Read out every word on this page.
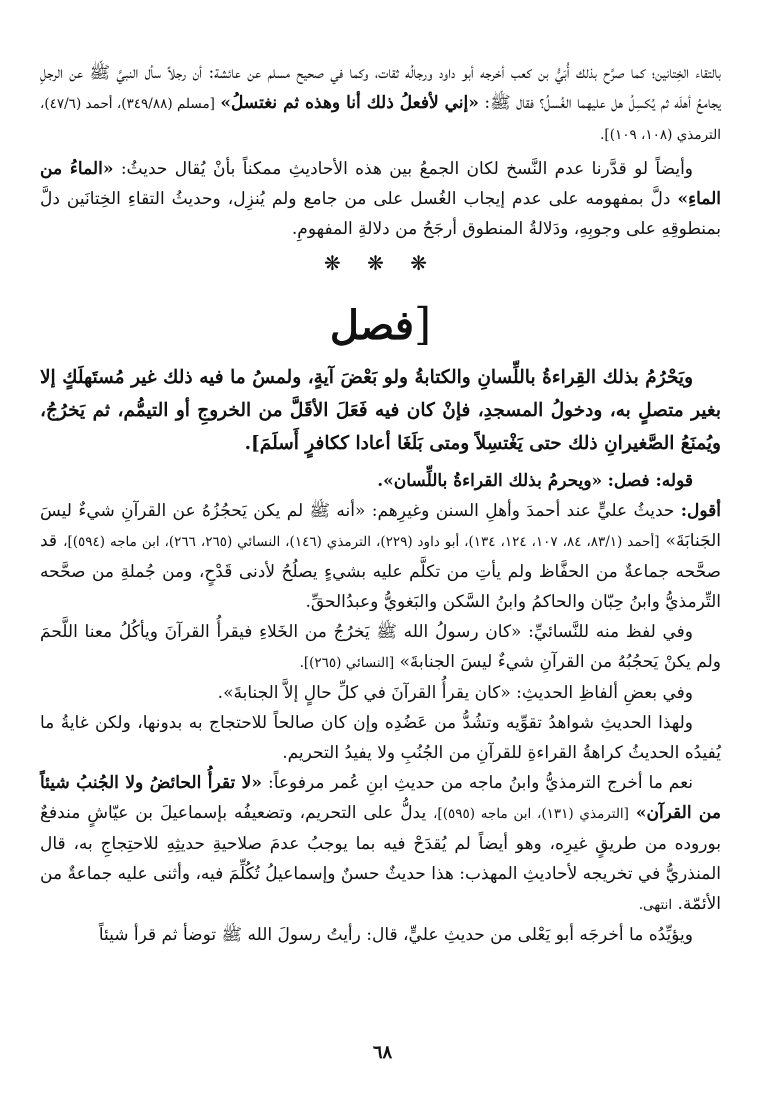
بالتقاء الخِتانين؛ كما صرَّح بذلك أُبَيُّ بن كعب أخرجه أبو داود ورجالُه ثقات، وكما في صحيح مسلم عن عائشة: أن رجلاً سأل النبيَّ ﷺ عن الرجلِ يجامعُ أهلَه ثم يُكسِلُ هل عليهما الغُسلُ؟ فقال ﷺ: «إني لأفعلُ ذلك أنا وهذه ثم نغتسلُ» [مسلم (٣٤٩/٨٨)، أحمد (٤٧/٦)، الترمذي (١٠٨، ١٠٩)].

وأيضاً لو قدَّرنا عدم النَّسخ لكان الجمعُ بين هذه الأحاديثِ ممكناً بأنْ يُقال حديثُ: «الماءُ من الماءِ» دلَّ بمفهومه على عدم إيجاب الغُسل على من جامع ولم يُنزِل، وحديثُ التقاءِ الخِتانَين دلَّ بمنطوقِهِ على وجوبِهِ، ودَلالةُ المنطوق أرجَحُ من دلالةِ المفهومِ.

❋ ❋ ❋
[فصل

ويَحْرُمُ بذلك القِراءةُ باللِّسانِ والكتابةُ ولو بَعْضَ آيةٍ، ولمسُ ما فيه ذلك غير مُستَهلَكٍ إلا بغير متصلٍ به، ودخولُ المسجدِ، فإنْ كان فيه فَعَلَ الأقَلَّ من الخروجِ أو التيمُّم، ثم يَخرُجُ، ويُمنَعُ الصَّغيرانِ ذلك حتى يَغْتسِلاً ومتى بَلَغَا أعادا ككافرٍ أَسلَمَ].

قوله: فصل: «ويحرمُ بذلك القراءةُ باللِّسان».

أقول: حديثُ عليٍّ عند أحمدَ وأهلِ السنن وغيرِهم: «أنه ﷺ لم يكن يَحجُزُهُ عن القرآنِ شيءٌ ليسَ الجَنابَةَ» [أحمد (٨٣/١، ٨٤، ١٠٧، ١٢٤، ١٣٤)، أبو داود (٢٢٩)، الترمذي (١٤٦)، النسائي (٢٦٥، ٢٦٦)، ابن ماجه (٥٩٤)]، قد صحَّحه جماعةٌ من الحفَّاظ ولم يأتِ من تكلَّم عليه بشيءٍ يصلُحُ لأدنى قَدْحٍ، ومن جُملةِ من صحَّحه التِّرمذيُّ وابنُ حِبّان والحاكمُ وابنُ السَّكن والبَغويُّ وعبدُالحقِّ.

وفي لفظ منه للنَّسائيِّ: «كان رسولُ الله ﷺ يَخرُجُ من الخَلاءِ فيقرأُ القرآنَ ويأكُلُ معنا اللَّحمَ ولم يكنْ يَحجُبُهُ من القرآنِ شيءٌ ليسَ الجنابةَ» [النسائي (٢٦٥)].

وفي بعضِ ألفاظِ الحديثِ: «كان يقرأُ القرآنَ في كلِّ حالٍ إلاَّ الجنابةَ».

ولهذا الحديثِ شواهدُ تقوِّيه وتشُدُّ من عَضُدِه وإن كان صالحاً للاحتجاج به بدونها، ولكن غايةُ ما يُفيدُه الحديثُ كراهةُ القراءةِ للقرآنِ من الجُنُبِ ولا يفيدُ التحريم.

نعم ما أخرج الترمذيُّ وابنُ ماجه من حديثِ ابنِ عُمر مرفوعاً: «لا تقرأُ الحائضُ ولا الجُنبُ شيئاً من القرآن» [الترمذي (١٣١)، ابن ماجه (٥٩٥)]، يدلُّ على التحريم، وتضعيفُه بإسماعيلَ بن عيّاشٍ مندفعٌ بوروده من طريقٍ غيرِه، وهو أيضاً لم يُقدَحْ فيه بما يوجبُ عدمَ صلاحيةِ حديثِهِ للاحتِجاجِ به، قال المنذريُّ في تخريجه لأحاديثِ المهذب: هذا حديثٌ حسنٌ وإسماعيلُ تُكُلِّمَ فيه، وأثنى عليه جماعةٌ من الأئمّة. انتهى.

ويؤيِّدُه ما أخرجَه أبو يَعْلى من حديثِ عليٍّ، قال: رأيتُ رسولَ الله ﷺ توضأ ثم قرأ شيئاً

٦٨
